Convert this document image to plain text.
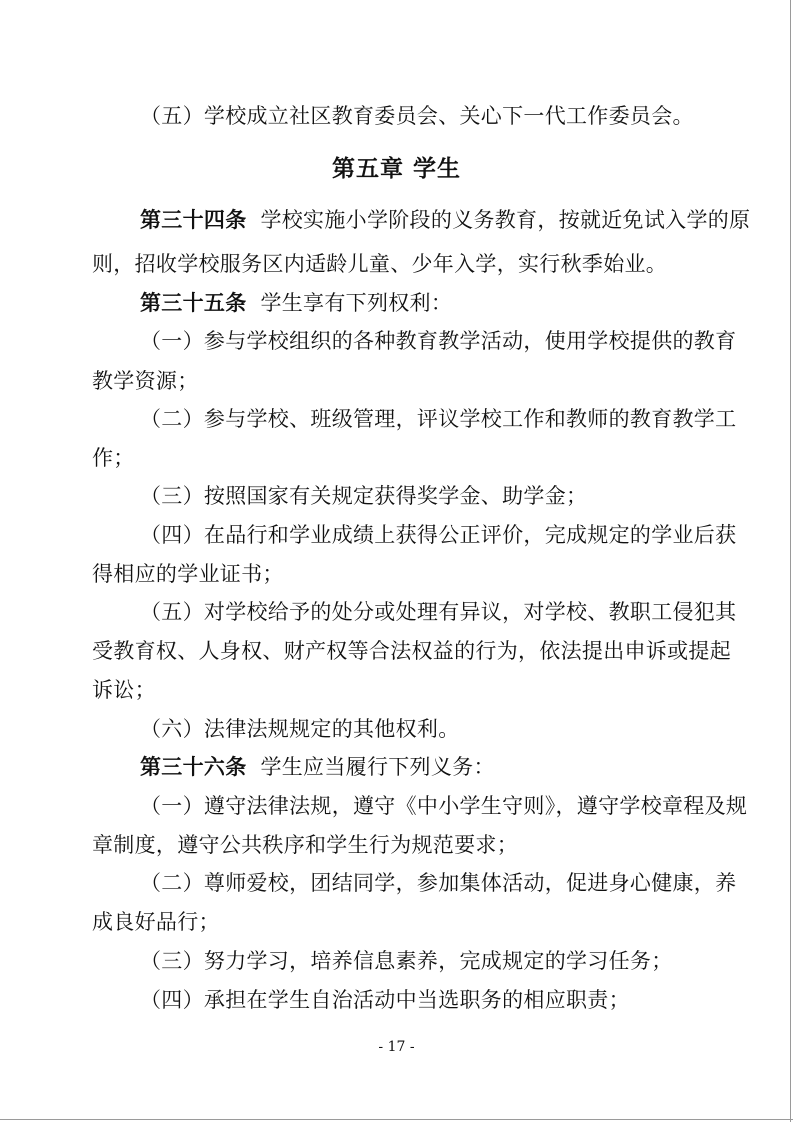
（五）学校成立社区教育委员会、关心下一代工作委员会。
第五章 学生
第三十四条 学校实施小学阶段的义务教育，按就近免试入学的原
则，招收学校服务区内适龄儿童、少年入学，实行秋季始业。
第三十五条 学生享有下列权利：
（一）参与学校组织的各种教育教学活动，使用学校提供的教育
教学资源；
（二）参与学校、班级管理，评议学校工作和教师的教育教学工
作；
（三）按照国家有关规定获得奖学金、助学金；
（四）在品行和学业成绩上获得公正评价，完成规定的学业后获
得相应的学业证书；
（五）对学校给予的处分或处理有异议，对学校、教职工侵犯其
受教育权、人身权、财产权等合法权益的行为，依法提出申诉或提起
诉讼；
（六）法律法规规定的其他权利。
第三十六条 学生应当履行下列义务：
（一）遵守法律法规，遵守《中小学生守则》，遵守学校章程及规
章制度，遵守公共秩序和学生行为规范要求；
（二）尊师爱校，团结同学，参加集体活动，促进身心健康，养
成良好品行；
（三）努力学习，培养信息素养，完成规定的学习任务；
（四）承担在学生自治活动中当选职务的相应职责；
- 17 -
